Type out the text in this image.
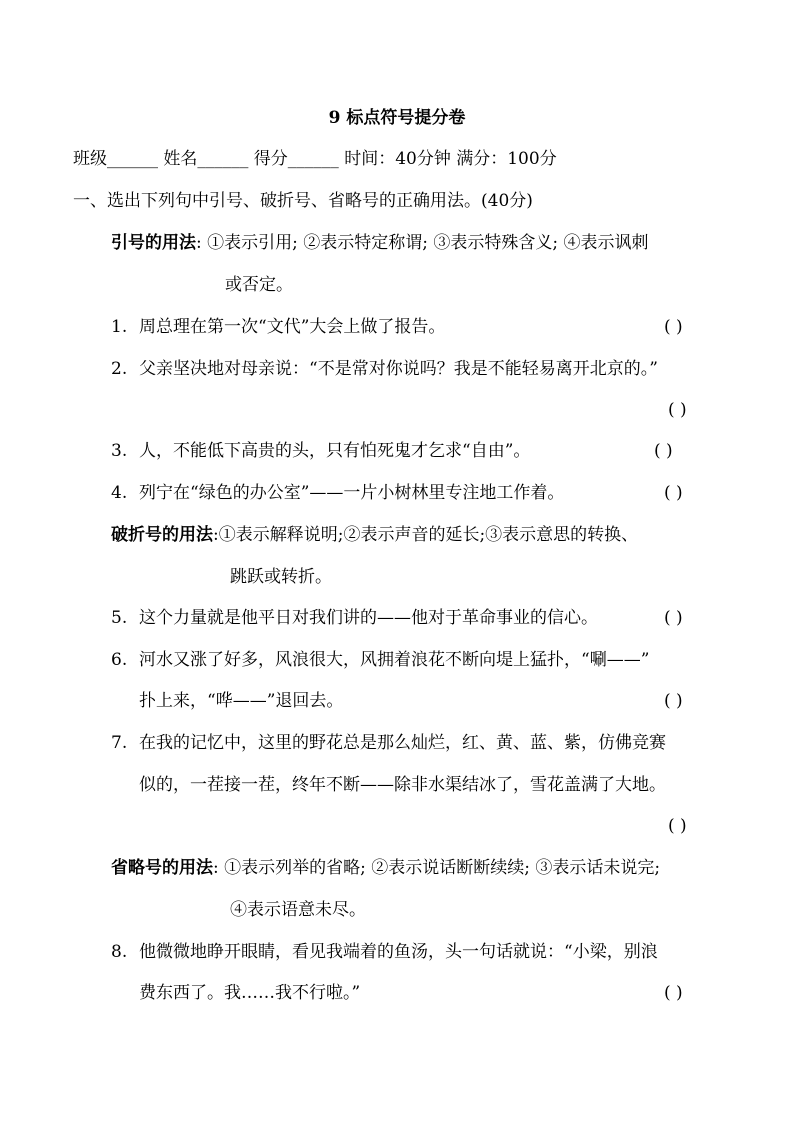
9 标点符号提分卷
班级______ 姓名______ 得分______ 时间：40分钟 满分：100分
一、选出下列句中引号、破折号、省略号的正确用法。(40分)
引号的用法: ①表示引用; ②表示特定称谓; ③表示特殊含义; ④表示讽刺
或否定。
1. 周总理在第一次“文代”大会上做了报告。	( )
2. 父亲坚决地对母亲说：“不是常对你说吗？我是不能轻易离开北京的。”
( )
3. 人，不能低下高贵的头，只有怕死鬼才乞求“自由”。	( )
4. 列宁在“绿色的办公室”——一片小树林里专注地工作着。	( )
破折号的用法:①表示解释说明;②表示声音的延长;③表示意思的转换、
跳跃或转折。
5. 这个力量就是他平日对我们讲的——他对于革命事业的信心。	( )
6. 河水又涨了好多，风浪很大，风拥着浪花不断向堤上猛扑，“唰——”
扑上来，“哗——”退回去。	( )
7. 在我的记忆中，这里的野花总是那么灿烂，红、黄、蓝、紫，仿佛竞赛
似的，一茬接一茬，终年不断——除非水渠结冰了，雪花盖满了大地。
( )
省略号的用法: ①表示列举的省略; ②表示说话断断续续; ③表示话未说完;
④表示语意未尽。
8. 他微微地睁开眼睛，看见我端着的鱼汤，头一句话就说：“小梁，别浪
费东西了。我……我不行啦。”	( )
